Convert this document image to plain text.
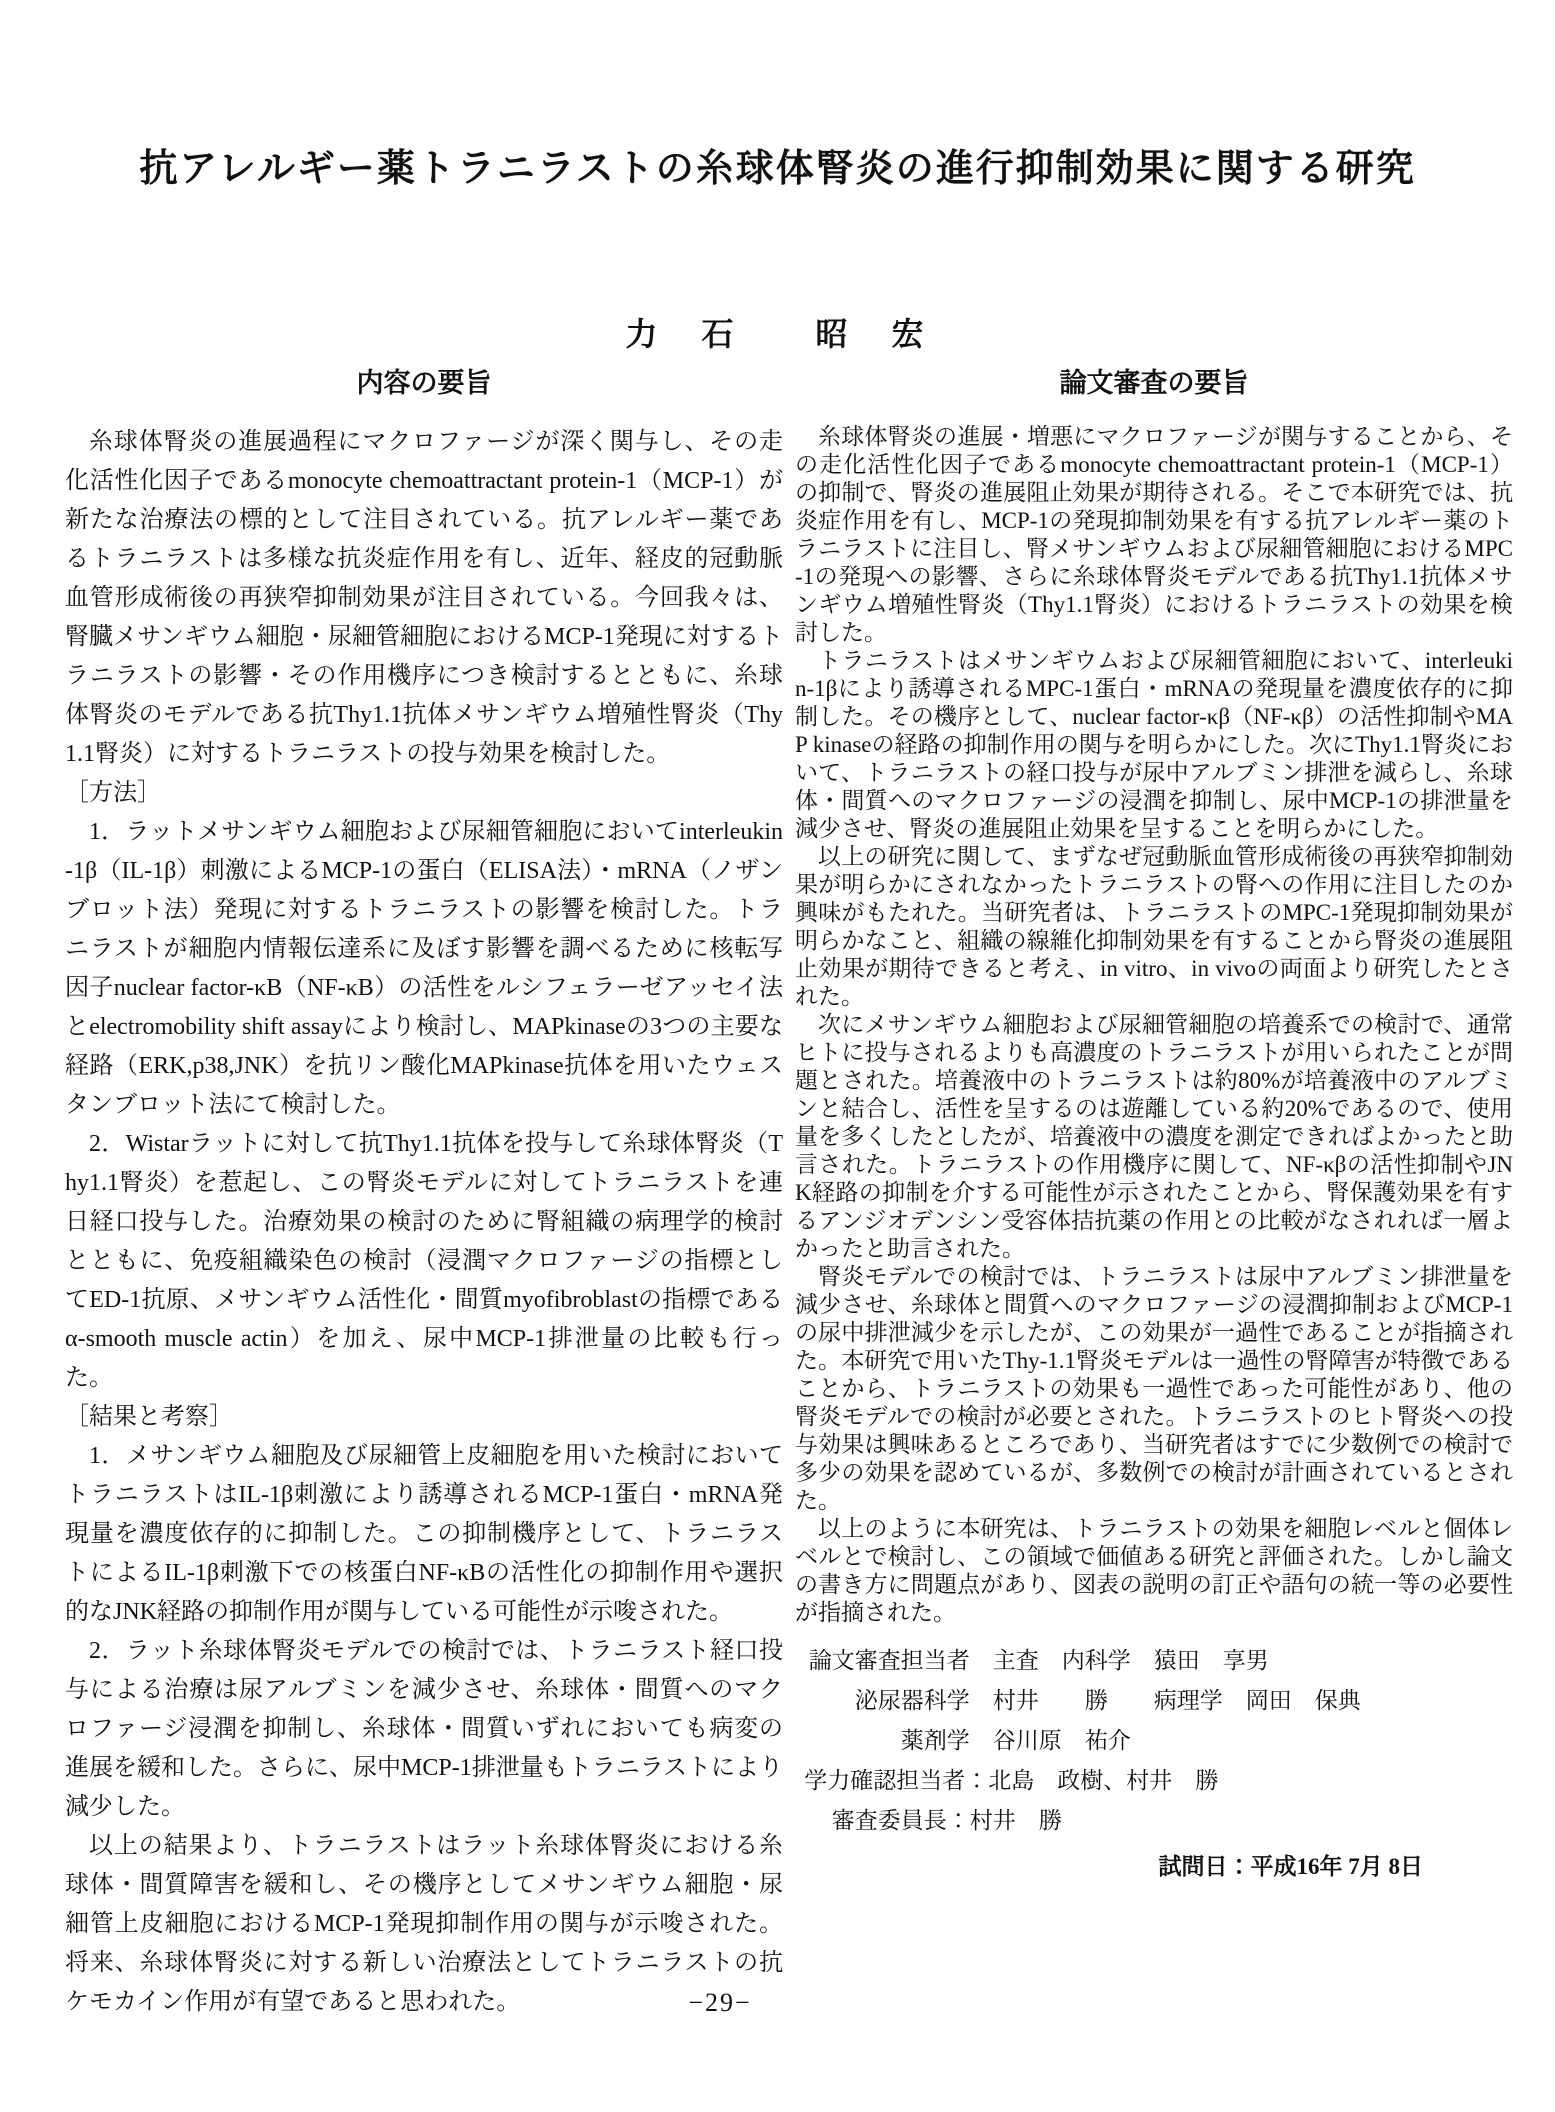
抗アレルギー薬トラニラストの糸球体腎炎の進行抑制効果に関する研究
力　石　　昭　宏
内容の要旨

糸球体腎炎の進展過程にマクロファージが深く関与し、その走化活性化因子であるmonocyte chemoattractant protein-1（MCP-1）が新たな治療法の標的として注目されている。抗アレルギー薬であるトラニラストは多様な抗炎症作用を有し、近年、経皮的冠動脈血管形成術後の再狭窄抑制効果が注目されている。今回我々は、腎臓メサンギウム細胞・尿細管細胞におけるMCP-1発現に対するトラニラストの影響・その作用機序につき検討するとともに、糸球体腎炎のモデルである抗Thy1.1抗体メサンギウム増殖性腎炎（Thy1.1腎炎）に対するトラニラストの投与効果を検討した。

［方法］

1．ラットメサンギウム細胞および尿細管細胞においてinterleukin-1β（IL-1β）刺激によるMCP-1の蛋白（ELISA法）・mRNA（ノザンブロット法）発現に対するトラニラストの影響を検討した。トラニラストが細胞内情報伝達系に及ぼす影響を調べるために核転写因子nuclear factor-κB（NF-κB）の活性をルシフェラーゼアッセイ法とelectromobility shift assayにより検討し、MAPkinaseの3つの主要な経路（ERK,p38,JNK）を抗リン酸化MAPkinase抗体を用いたウェスタンブロット法にて検討した。

2．Wistarラットに対して抗Thy1.1抗体を投与して糸球体腎炎（Thy1.1腎炎）を惹起し、この腎炎モデルに対してトラニラストを連日経口投与した。治療効果の検討のために腎組織の病理学的検討とともに、免疫組織染色の検討（浸潤マクロファージの指標としてED-1抗原、メサンギウム活性化・間質myofibroblastの指標であるα-smooth muscle actin）を加え、尿中MCP-1排泄量の比較も行った。

［結果と考察］

1．メサンギウム細胞及び尿細管上皮細胞を用いた検討においてトラニラストはIL-1β刺激により誘導されるMCP-1蛋白・mRNA発現量を濃度依存的に抑制した。この抑制機序として、トラニラストによるIL-1β刺激下での核蛋白NF-κBの活性化の抑制作用や選択的なJNK経路の抑制作用が関与している可能性が示唆された。

2．ラット糸球体腎炎モデルでの検討では、トラニラスト経口投与による治療は尿アルブミンを減少させ、糸球体・間質へのマクロファージ浸潤を抑制し、糸球体・間質いずれにおいても病変の進展を緩和した。さらに、尿中MCP-1排泄量もトラニラストにより減少した。

以上の結果より、トラニラストはラット糸球体腎炎における糸球体・間質障害を緩和し、その機序としてメサンギウム細胞・尿細管上皮細胞におけるMCP-1発現抑制作用の関与が示唆された。将来、糸球体腎炎に対する新しい治療法としてトラニラストの抗ケモカイン作用が有望であると思われた。

論文審査の要旨

糸球体腎炎の進展・増悪にマクロファージが関与することから、その走化活性化因子であるmonocyte chemoattractant protein-1（MCP-1）の抑制で、腎炎の進展阻止効果が期待される。そこで本研究では、抗炎症作用を有し、MCP-1の発現抑制効果を有する抗アレルギー薬のトラニラストに注目し、腎メサンギウムおよび尿細管細胞におけるMPC-1の発現への影響、さらに糸球体腎炎モデルである抗Thy1.1抗体メサンギウム増殖性腎炎（Thy1.1腎炎）におけるトラニラストの効果を検討した。

トラニラストはメサンギウムおよび尿細管細胞において、interleukin-1βにより誘導されるMPC-1蛋白・mRNAの発現量を濃度依存的に抑制した。その機序として、nuclear factor-κβ（NF-κβ）の活性抑制やMAP kinaseの経路の抑制作用の関与を明らかにした。次にThy1.1腎炎において、トラニラストの経口投与が尿中アルブミン排泄を減らし、糸球体・間質へのマクロファージの浸潤を抑制し、尿中MCP-1の排泄量を減少させ、腎炎の進展阻止効果を呈することを明らかにした。

以上の研究に関して、まずなぜ冠動脈血管形成術後の再狭窄抑制効果が明らかにされなかったトラニラストの腎への作用に注目したのか興味がもたれた。当研究者は、トラニラストのMPC-1発現抑制効果が明らかなこと、組織の線維化抑制効果を有することから腎炎の進展阻止効果が期待できると考え、in vitro、in vivoの両面より研究したとされた。

次にメサンギウム細胞および尿細管細胞の培養系での検討で、通常ヒトに投与されるよりも高濃度のトラニラストが用いられたことが問題とされた。培養液中のトラニラストは約80%が培養液中のアルブミンと結合し、活性を呈するのは遊離している約20%であるので、使用量を多くしたとしたが、培養液中の濃度を測定できればよかったと助言された。トラニラストの作用機序に関して、NF-κβの活性抑制やJNK経路の抑制を介する可能性が示されたことから、腎保護効果を有するアンジオデンシン受容体拮抗薬の作用との比較がなされれば一層よかったと助言された。

腎炎モデルでの検討では、トラニラストは尿中アルブミン排泄量を減少させ、糸球体と間質へのマクロファージの浸潤抑制およびMCP-1の尿中排泄減少を示したが、この効果が一過性であることが指摘された。本研究で用いたThy-1.1腎炎モデルは一過性の腎障害が特徴であることから、トラニラストの効果も一過性であった可能性があり、他の腎炎モデルでの検討が必要とされた。トラニラストのヒト腎炎への投与効果は興味あるところであり、当研究者はすでに少数例での検討で多少の効果を認めているが、多数例での検討が計画されているとされた。

以上のように本研究は、トラニラストの効果を細胞レベルと個体レベルとで検討し、この領域で価値ある研究と評価された。しかし論文の書き方に問題点があり、図表の説明の訂正や語句の統一等の必要性が指摘された。

論文審査担当者　主査　内科学　猿田　享男

泌尿器科学　村井　　勝　　病理学　岡田　保典

薬剤学　谷川原　祐介

学力確認担当者：北島　政樹、村井　勝

審査委員長：村井　勝

試問日：平成16年 7月 8日

−29−
